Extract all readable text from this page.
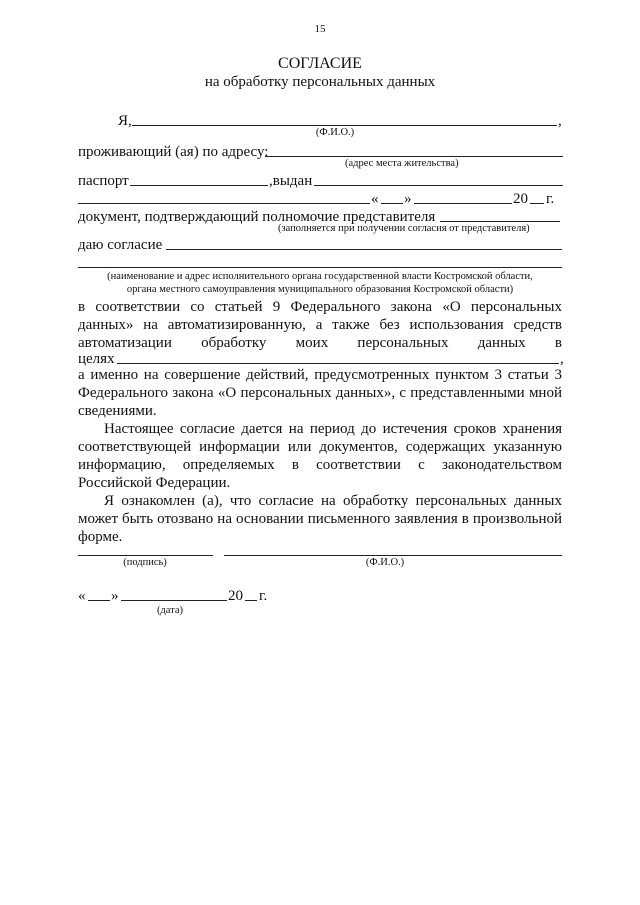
15
СОГЛАСИЕ
на обработку персональных данных
Я,	,
(Ф.И.О.)
проживающий (ая) по адресу:
(адрес места жительства)
паспорт	,выдан
« »	20 г.
документ, подтверждающий полномочие представителя
(заполняется при получении согласия от представителя)
даю согласие
(наименование и адрес исполнительного органа государственной власти Костромской области,
органа местного самоуправления муниципального образования Костромской области)
в соответствии со статьей 9 Федерального закона «О персональных
данных» на автоматизированную, а также без использования средств
автоматизации обработку моих персональных данных в
целях	,
а именно на совершение действий, предусмотренных пунктом 3 статьи 3
Федерального закона «О персональных данных», с представленными мной
сведениями.
Настоящее согласие дается на период до истечения сроков хранения
соответствующей информации или документов, содержащих указанную
информацию, определяемых в соответствии с законодательством
Российской Федерации.
Я ознакомлен (а), что согласие на обработку персональных данных
может быть отозвано на основании письменного заявления в произвольной
форме.
(подпись)	(Ф.И.О.)
« »	20 г.
(дата)
